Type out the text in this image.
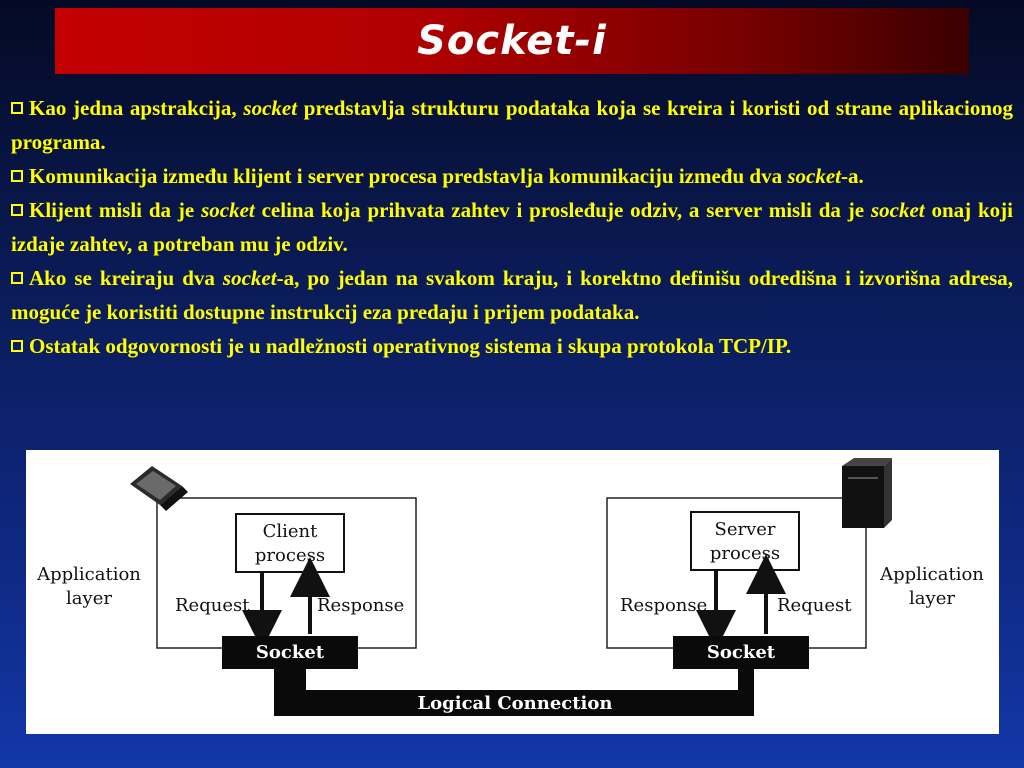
Socket-i

Kao jedna apstrakcija, socket predstavlja strukturu podataka koja se kreira i koristi od strane aplikacionog programa.

Komunikacija između klijent i server procesa predstavlja komunikaciju između dva socket-a.

Klijent misli da je socket celina koja prihvata zahtev i prosleđuje odziv, a server misli da je socket onaj koji izdaje zahtev, a potreban mu je odziv.

Ako se kreiraju dva socket-a, po jedan na svakom kraju, i korektno definišu odredišna i izvorišna adresa, moguće je koristiti dostupne instrukcij eza predaju i prijem podataka.

Ostatak odgovornosti je u nadležnosti operativnog sistema i skupa protokola TCP/IP.

Client
process
Server
process
Request	Response	Response	Request
Application
layer
Application
layer
Socket	Socket
Logical Connection
